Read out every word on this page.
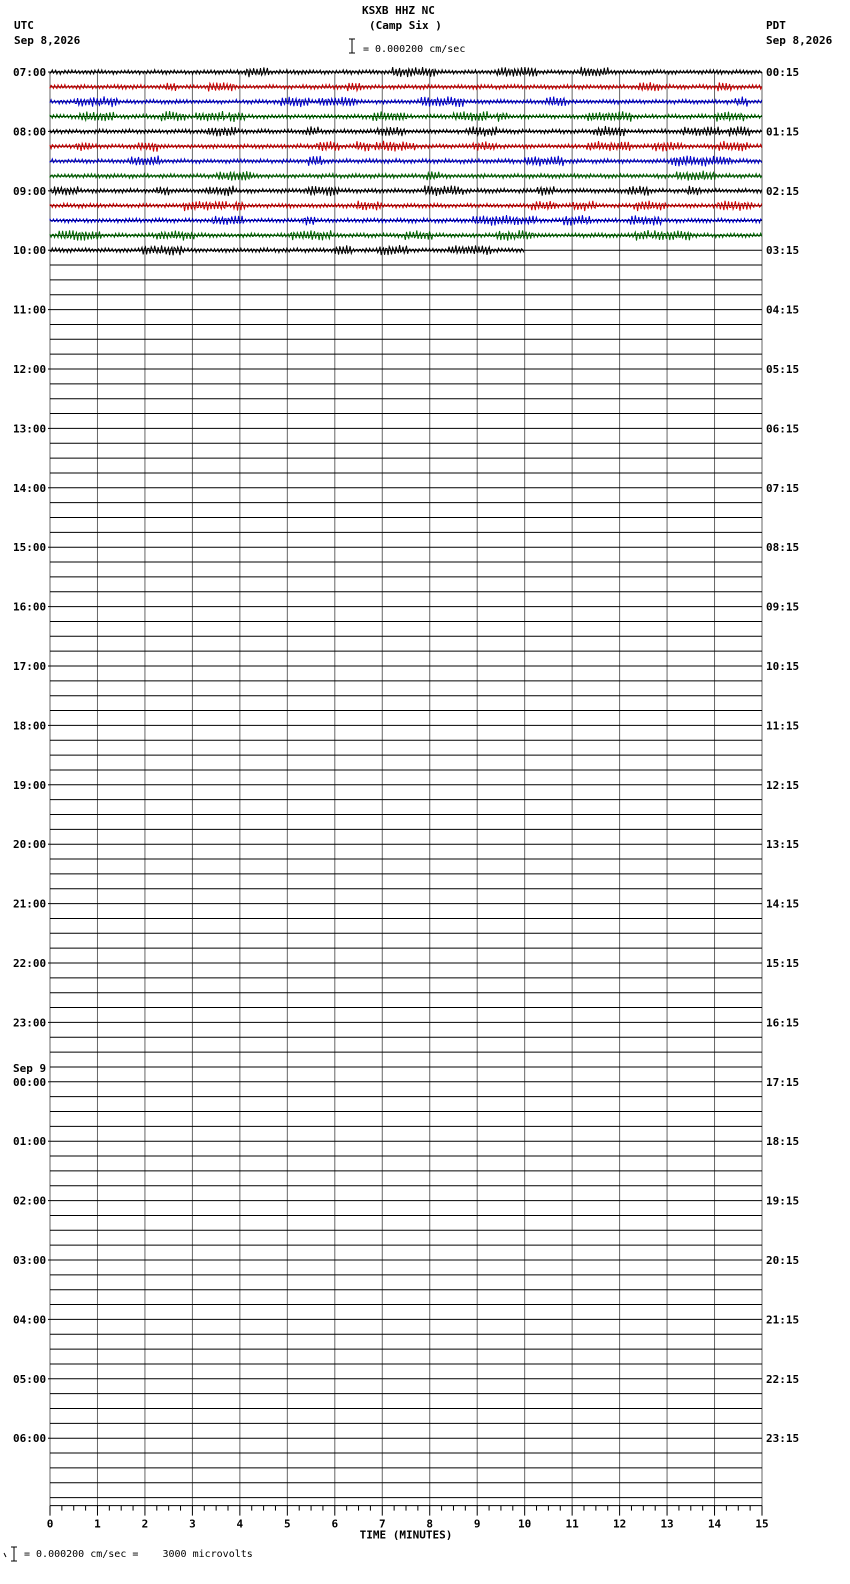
KSXB HHZ NC
(Camp Six )
UTC
Sep 8,2026
PDT
Sep 8,2026
= 0.000200 cm/sec
= 0.000200 cm/sec =    3000 microvolts
07:00
08:00
09:00
10:00
11:00
12:00
13:00
14:00
15:00
16:00
17:00
18:00
19:00
20:00
21:00
22:00
23:00
00:00
Sep 9
01:00
02:00
03:00
04:00
05:00
06:00
00:15
01:15
02:15
03:15
04:15
05:15
06:15
07:15
08:15
09:15
10:15
11:15
12:15
13:15
14:15
15:15
16:15
17:15
18:15
19:15
20:15
21:15
22:15
23:15
0	1	2	3	4	5	6	7	8	9	10	11	12	13	14	15
TIME (MINUTES)
